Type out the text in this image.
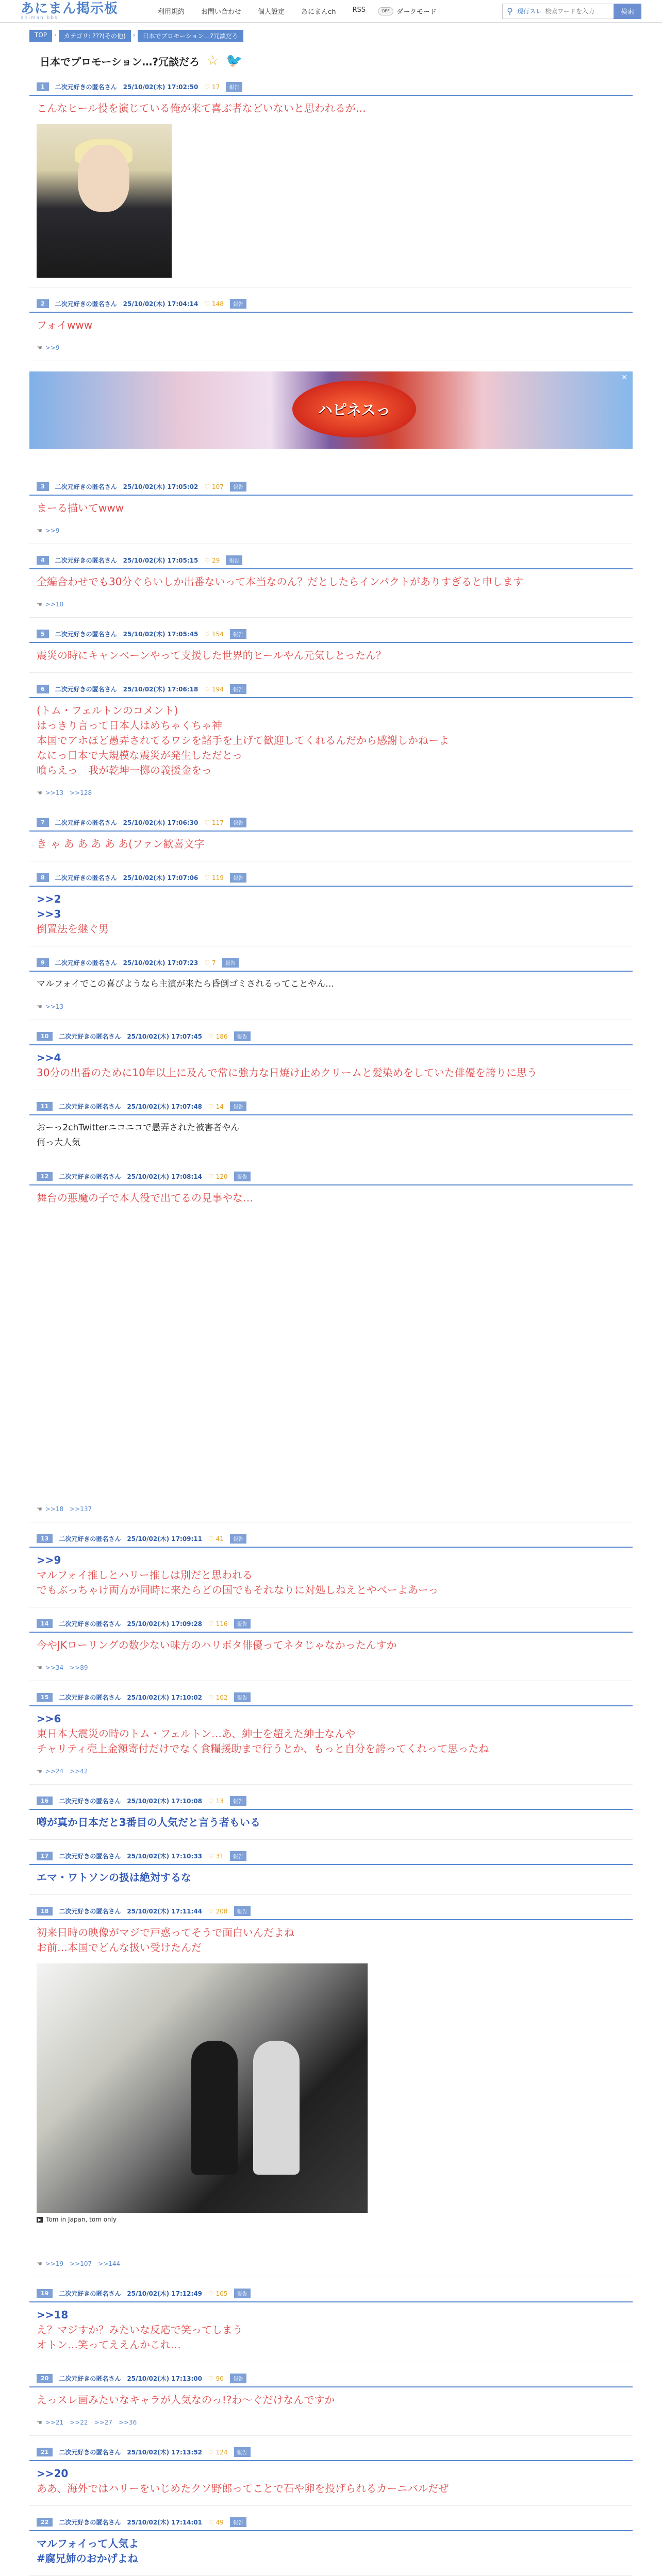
あにまん掲示板
animan bbs
利用規約	お問い合わせ	個人設定	あにまんch	RSS	OFF	ダークモード	⚲ 現行スレ
検索ワードを入力	検索
TOP	›	カテゴリ: ???(その他)	›	日本でプロモーション…?冗談だろ
日本でプロモーション…?冗談だろ ☆ 🐦
1	二次元好きの匿名さん 25/10/02(木) 17:02:50 ♡ 17	報告
こんなヒール役を演じている俺が来て喜ぶ者などいないと思われるが…
2	二次元好きの匿名さん 25/10/02(木) 17:04:14 ♡ 148	報告
フォイwww
☚ >>9
ハピネスっ
✕
3	二次元好きの匿名さん 25/10/02(木) 17:05:02 ♡ 107	報告
まーる描いてwww
☚ >>9
4	二次元好きの匿名さん 25/10/02(木) 17:05:15 ♡ 29	報告
全編合わせでも30分ぐらいしか出番ないって本当なのん？だとしたらインパクトがありすぎると申します
☚ >>10
5	二次元好きの匿名さん 25/10/02(木) 17:05:45 ♡ 154	報告
震災の時にキャンペーンやって支援した世界的ヒールやん元気しとったん？
6	二次元好きの匿名さん 25/10/02(木) 17:06:18 ♡ 194	報告
(トム・フェルトンのコメント)
はっきり言って日本人はめちゃくちゃ神
本国でアホほど愚弄されてるワシを諸手を上げて歓迎してくれるんだから感謝しかねーよ
なにっ日本で大規模な震災が発生しただとっ
喰らえっ　我が乾坤一擲の義援金をっ
☚ >>13 >>128
7	二次元好きの匿名さん 25/10/02(木) 17:06:30 ♡ 117	報告
き ゃ あ あ あ あ あ(ファン歓喜文字
8	二次元好きの匿名さん 25/10/02(木) 17:07:06 ♡ 119	報告
>>2
>>3
倒置法を継ぐ男
9	二次元好きの匿名さん 25/10/02(木) 17:07:23 ♡ 7	報告
マルフォイでこの喜びようなら主演が来たら昏倒ゴミされるってことやん…
☚ >>13
10	二次元好きの匿名さん 25/10/02(木) 17:07:45 ♡ 186	報告
>>4
30分の出番のために10年以上に及んで常に強力な日焼け止めクリームと髪染めをしていた俳優を誇りに思う
11	二次元好きの匿名さん 25/10/02(木) 17:07:48 ♡ 14	報告
おーっ2chTwitterニコニコで愚弄された被害者やん
何っ大人気
12	二次元好きの匿名さん 25/10/02(木) 17:08:14 ♡ 120	報告
舞台の悪魔の子で本人役で出てるの見事やな…
☚ >>18 >>137
13	二次元好きの匿名さん 25/10/02(木) 17:09:11 ♡ 41	報告
>>9
マルフォイ推しとハリー推しは別だと思われる
でもぶっちゃけ両方が同時に来たらどの国でもそれなりに対処しねえとやべーよあーっ
14	二次元好きの匿名さん 25/10/02(木) 17:09:28 ♡ 116	報告
今やJKローリングの数少ない味方のハリポタ俳優ってネタじゃなかったんすか
☚ >>34 >>89
15	二次元好きの匿名さん 25/10/02(木) 17:10:02 ♡ 102	報告
>>6
東日本大震災の時のトム・フェルトン…あ、紳士を超えた紳士なんや
チャリティ売上金額寄付だけでなく食糧援助まで行うとか、もっと自分を誇ってくれって思ったね
☚ >>24 >>42
16	二次元好きの匿名さん 25/10/02(木) 17:10:08 ♡ 13	報告
噂が真か日本だと3番目の人気だと言う者もいる
17	二次元好きの匿名さん 25/10/02(木) 17:10:33 ♡ 31	報告
エマ・ワトソンの扱は絶対するな
18	二次元好きの匿名さん 25/10/02(木) 17:11:44 ♡ 208	報告
初来日時の映像がマジで戸惑ってそうで面白いんだよね
お前…本国でどんな扱い受けたんだ
▶ Tom in Japan, tom only
☚ >>19 >>107 >>144
19	二次元好きの匿名さん 25/10/02(木) 17:12:49 ♡ 105	報告
>>18
え？マジすか？みたいな反応で笑ってしまう
オトン…笑ってええんかこれ…
20	二次元好きの匿名さん 25/10/02(木) 17:13:00 ♡ 90	報告
えっスレ画みたいなキャラが人気なのっ!?わ～ぐだけなんですか
☚ >>21 >>22 >>27 >>36
21	二次元好きの匿名さん 25/10/02(木) 17:13:52 ♡ 124	報告
>>20
ああ、海外ではハリーをいじめたクソ野郎ってことで石や卵を投げられるカーニバルだぜ
22	二次元好きの匿名さん 25/10/02(木) 17:14:01 ♡ 49	報告
マルフォイって人気よ
#腐兄姉のおかげよね
